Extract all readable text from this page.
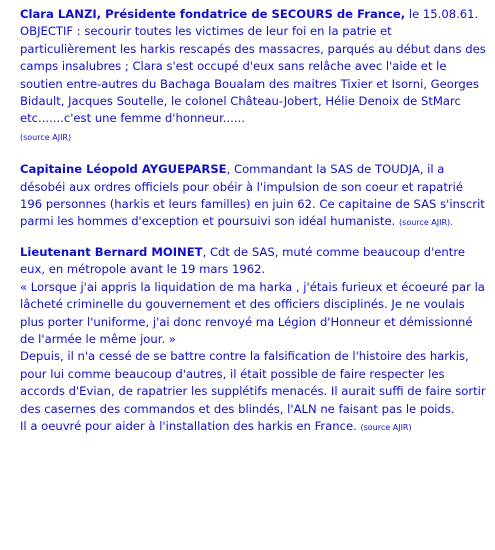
Clara LANZI, Présidente fondatrice de SECOURS de France, le 15.08.61.

OBJECTIF : secourir toutes les victimes de leur foi en la patrie et particulièrement les harkis rescapés des massacres, parqués au début dans des camps insalubres ; Clara s'est occupé d'eux sans relâche avec l'aide et le soutien entre-autres du Bachaga Boualam des maitres Tixier et Isorni, Georges Bidault, Jacques Soutelle, le colonel Château-Jobert, Hélie Denoix de StMarc etc.......c'est une femme d'honneur......
(source AJIR)

Capitaine Léopold AYGUEPARSE, Commandant la SAS de TOUDJA, il a désobéi aux ordres officiels pour obéir à l'impulsion de son coeur et rapatrié 196 personnes (harkis et leurs familles) en juin 62. Ce capitaine de SAS s'inscrit parmi les hommes d'exception et poursuivi son idéal humaniste. (source AJIR).

Lieutenant Bernard MOINET, Cdt de SAS, muté comme beaucoup d'entre eux, en métropole avant le 19 mars 1962.

« Lorsque j'ai appris la liquidation de ma harka , j'étais furieux et écoeuré par la lâcheté criminelle du gouvernement et des officiers disciplinés. Je ne voulais plus porter l'uniforme, j'ai donc renvoyé ma Légion d'Honneur et démissionné de l'armée le même jour. »

Depuis, il n'a cessé de se battre contre la falsification de l'histoire des harkis, pour lui comme beaucoup d'autres, il était possible de faire respecter les accords d'Evian, de rapatrier les supplétifs menacés. Il aurait suffi de faire sortir des casernes des commandos et des blindés, l'ALN ne faisant pas le poids.

Il a oeuvré pour aider à l'installation des harkis en France. (source AJIR)
